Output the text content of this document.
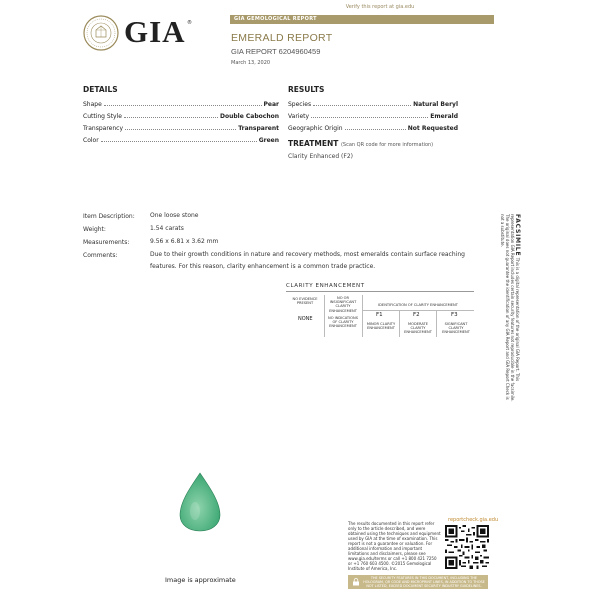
Verify this report at gia.edu
GIA ®
GIA GEMOLOGICAL REPORT
EMERALD REPORT
GIA REPORT 6204960459
March 13, 2020
DETAILS
Shape	Pear
Cutting Style	Double Cabochon
Transparency	Transparent
Color	Green
RESULTS
Species	Natural Beryl
Variety	Emerald
Geographic Origin	Not Requested
TREATMENT (Scan QR code for more information)
Clarity Enhanced (F2)
Item Description:	One loose stone
Weight:	1.54 carats
Measurements:	9.56 x 6.81 x 3.62 mm
Comments:	Due to their growth conditions in nature and recovery methods, most emeralds contain surface reaching features. For this reason, clarity enhancement is a common trade practice.
CLARITY ENHANCEMENT
NO EVIDENCE PRESENT
NO OR INSIGNIFICANT CLARITY ENHANCEMENT
IDENTIFICATION OF CLARITY ENHANCEMENT
NONE	NO INDICATIONS OF CLARITY ENHANCEMENT
F1	F2	F3
MINOR CLARITY ENHANCEMENT
MODERATE CLARITY ENHANCEMENT
SIGNIFICANT CLARITY ENHANCEMENT
FACSIMILE This is a digital representation of the original GIA Report. This representation GIA Report includes certain security features not reproducible in the facsimile. The original does not guarantee the identification of any GIA Report and GIA Report Check is not a substitute.
Image is approximate
The results documented in this report refer only to the article described, and were obtained using the techniques and equipment used by GIA at the time of examination. This report is not a guarantee or valuation. For additional information and important limitations and disclaimers, please see www.gia.edu/terms or call +1 800 421 7250 or +1 760 603 4500. ©2015 Gemological Institute of America, Inc.
reportcheck.gia.edu
THE SECURITY FEATURES IN THIS DOCUMENT, INCLUDING THE HOLOGRAM, QR CODE AND MICROPRINT LINES, IN ADDITION TO THOSE NOT LISTED, EXCEED DOCUMENT SECURITY INDUSTRY GUIDELINES.
